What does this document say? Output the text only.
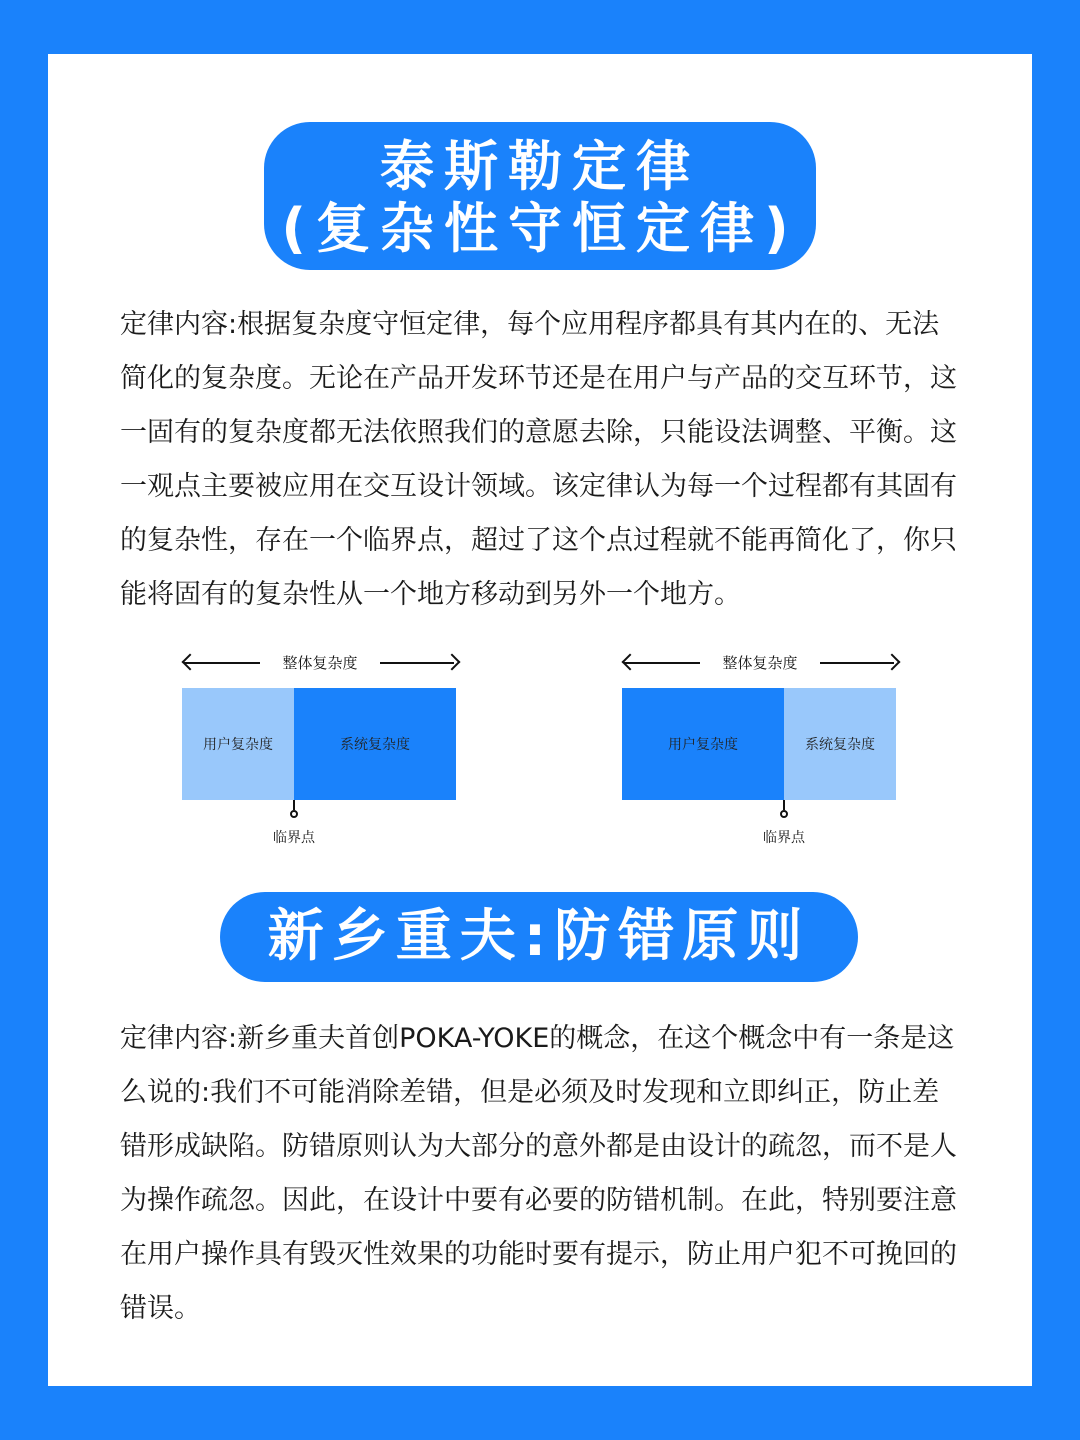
泰斯勒定律
(复杂性守恒定律)

定律内容:根据复杂度守恒定律，每个应用程序都具有其内在的、无法简化的复杂度。无论在产品开发环节还是在用户与产品的交互环节，这一固有的复杂度都无法依照我们的意愿去除，只能设法调整、平衡。这一观点主要被应用在交互设计领域。该定律认为每一个过程都有其固有的复杂性，存在一个临界点，超过了这个点过程就不能再简化了，你只能将固有的复杂性从一个地方移动到另外一个地方。

整体复杂度
用户复杂度	系统复杂度
临界点
整体复杂度
用户复杂度	系统复杂度
临界点
新乡重夫:防错原则

定律内容:新乡重夫首创POKA-YOKE的概念，在这个概念中有一条是这么说的:我们不可能消除差错，但是必须及时发现和立即纠正，防止差错形成缺陷。防错原则认为大部分的意外都是由设计的疏忽，而不是人为操作疏忽。因此，在设计中要有必要的防错机制。在此，特别要注意在用户操作具有毁灭性效果的功能时要有提示，防止用户犯不可挽回的错误。
